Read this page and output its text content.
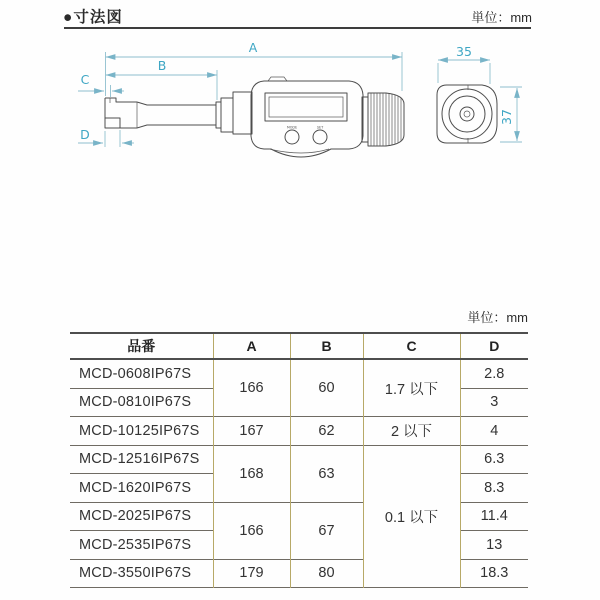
●寸法図	単位：mm
A
B
C
D	MODE	SET
35
37
単位：mm
品番	A	B	C	D
MCD-0608IP67S	166	60	1.7 以下	2.8
MCD-0810IP67S				3
MCD-10125IP67S	167	62	2 以下	4
MCD-12516IP67S	168	63	0.1 以下	6.3
MCD-1620IP67S				8.3
MCD-2025IP67S	166	67		11.4
MCD-2535IP67S				13
MCD-3550IP67S	179	80		18.3
